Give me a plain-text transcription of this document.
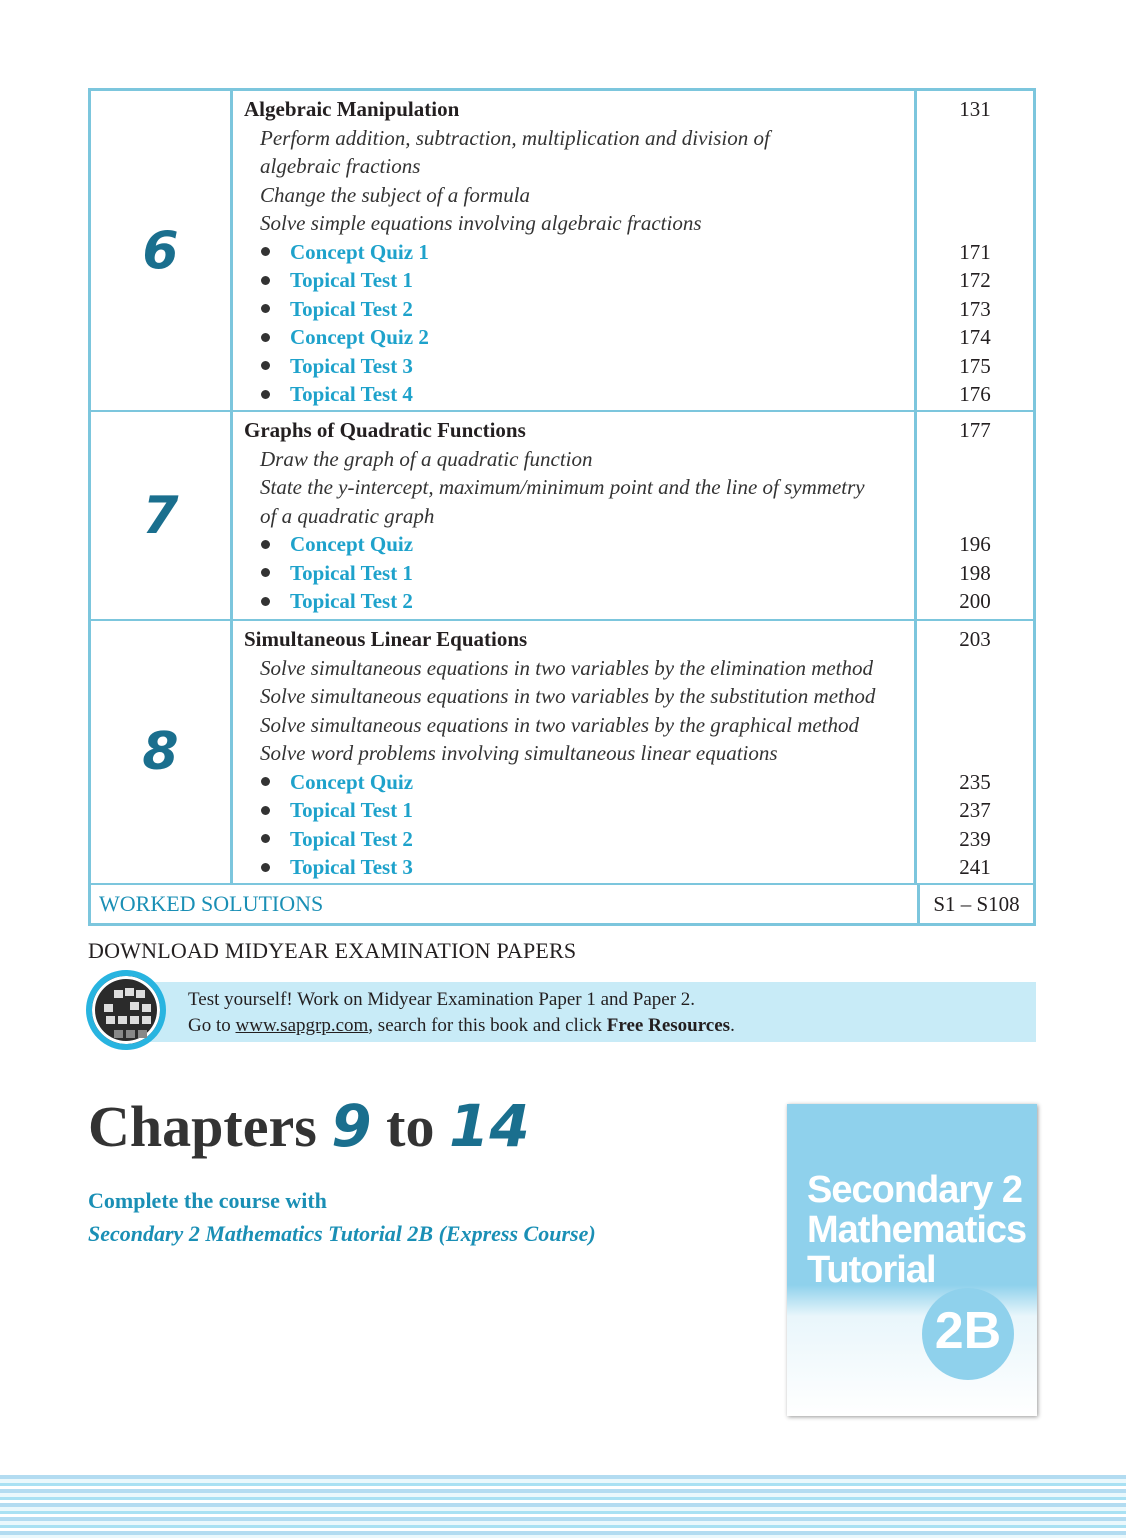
6
Algebraic Manipulation
Perform addition, subtraction, multiplication and division of
algebraic fractions
Change the subject of a formula
Solve simple equations involving algebraic fractions
Concept Quiz 1
Topical Test 1
Topical Test 2
Concept Quiz 2
Topical Test 3
Topical Test 4
131
171
172
173
174
175
176
7
Graphs of Quadratic Functions
Draw the graph of a quadratic function
State the y-intercept, maximum/minimum point and the line of symmetry
of a quadratic graph
Concept Quiz
Topical Test 1
Topical Test 2
177
196
198
200
8
Simultaneous Linear Equations
Solve simultaneous equations in two variables by the elimination method
Solve simultaneous equations in two variables by the substitution method
Solve simultaneous equations in two variables by the graphical method
Solve word problems involving simultaneous linear equations
Concept Quiz
Topical Test 1
Topical Test 2
Topical Test 3
203
235
237
239
241
WORKED SOLUTIONS	S1 – S108
DOWNLOAD MIDYEAR EXAMINATION PAPERS
Test yourself! Work on Midyear Examination Paper 1 and Paper 2.
Go to www.sapgrp.com, search for this book and click Free Resources.
Chapters 9 to 14
Complete the course with
Secondary 2 Mathematics Tutorial 2B (Express Course)
Secondary 2
Mathematics
Tutorial
2B
